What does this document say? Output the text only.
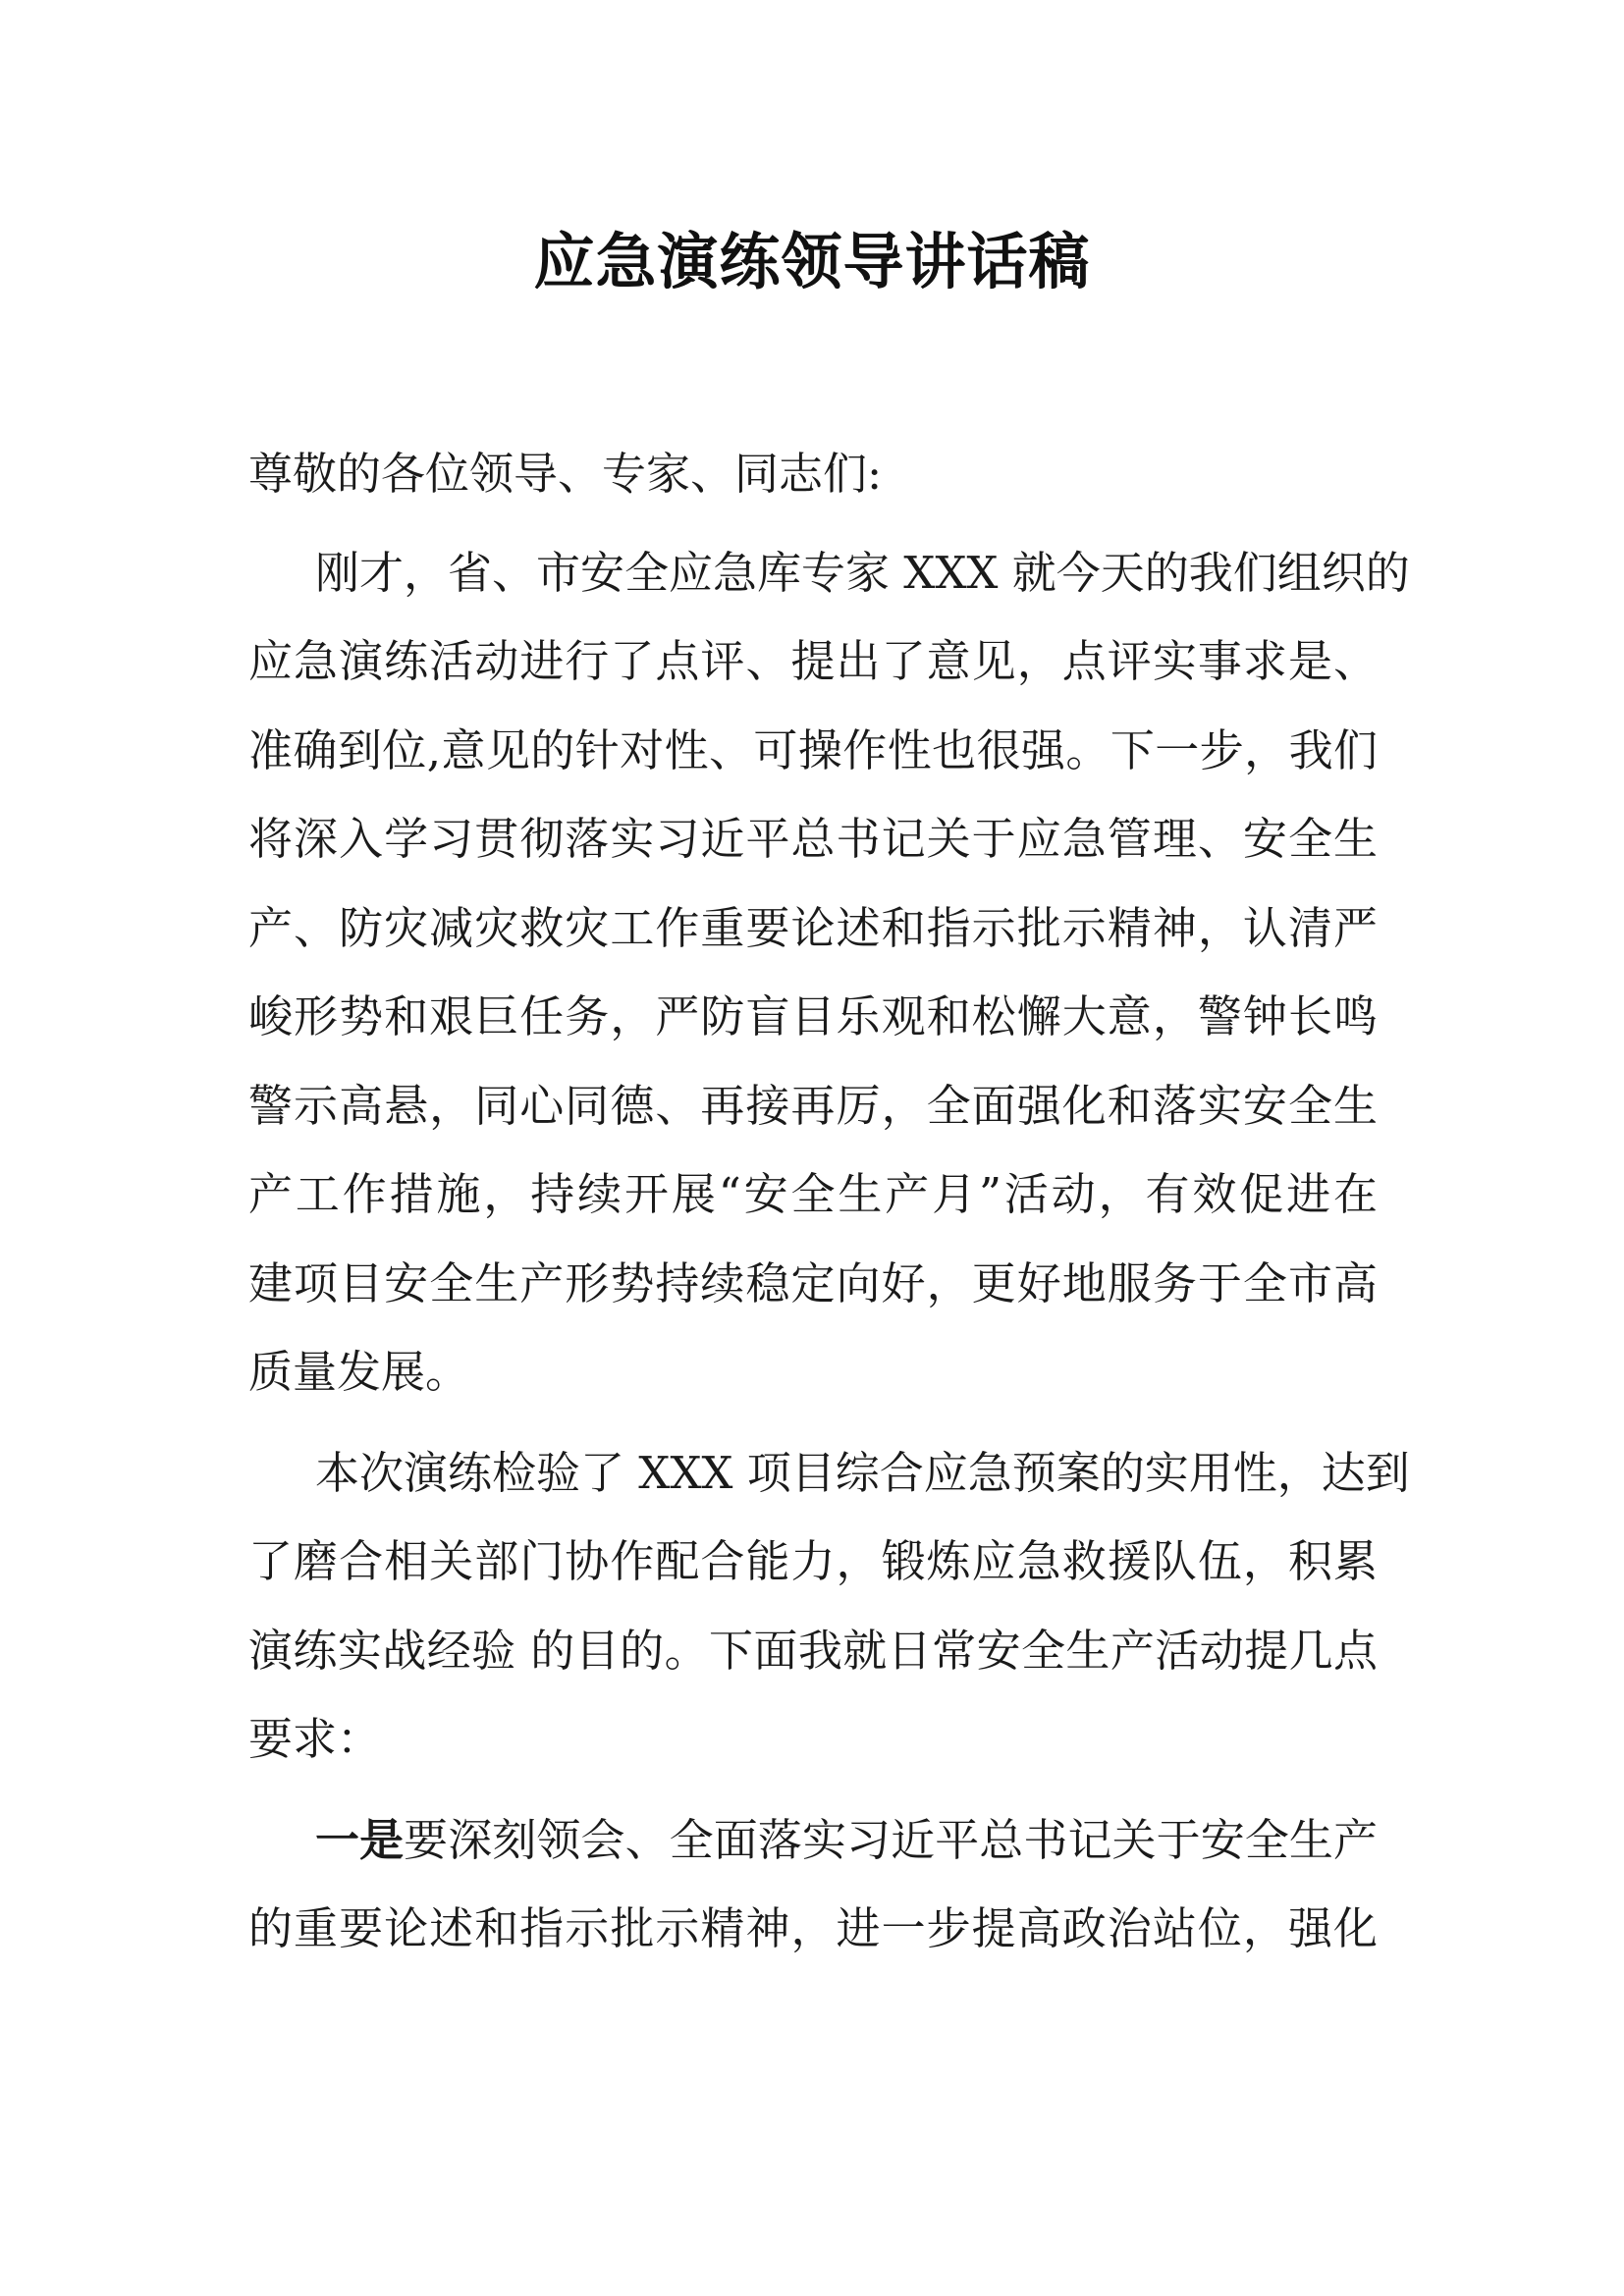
应急演练领导讲话稿
尊敬的各位领导、专家、同志们:
刚才，省、市安全应急库专家 XXX 就今天的我们组织的
应急演练活动进行了点评、提出了意见，点评实事求是、
准确到位,意见的针对性、可操作性也很强。下一步，我们
将深入学习贯彻落实习近平总书记关于应急管理、安全生
产、防灾减灾救灾工作重要论述和指示批示精神，认清严
峻形势和艰巨任务，严防盲目乐观和松懈大意，警钟长鸣
警示高悬，同心同德、再接再厉，全面强化和落实安全生
产工作措施，持续开展“安全生产月”活动，有效促进在
建项目安全生产形势持续稳定向好，更好地服务于全市高
质量发展。
本次演练检验了 XXX 项目综合应急预案的实用性，达到
了磨合相关部门协作配合能力，锻炼应急救援队伍，积累
演练实战经验 的目的。下面我就日常安全生产活动提几点
要求：
一是要深刻领会、全面落实习近平总书记关于安全生产
的重要论述和指示批示精神，进一步提高政治站位，强化
